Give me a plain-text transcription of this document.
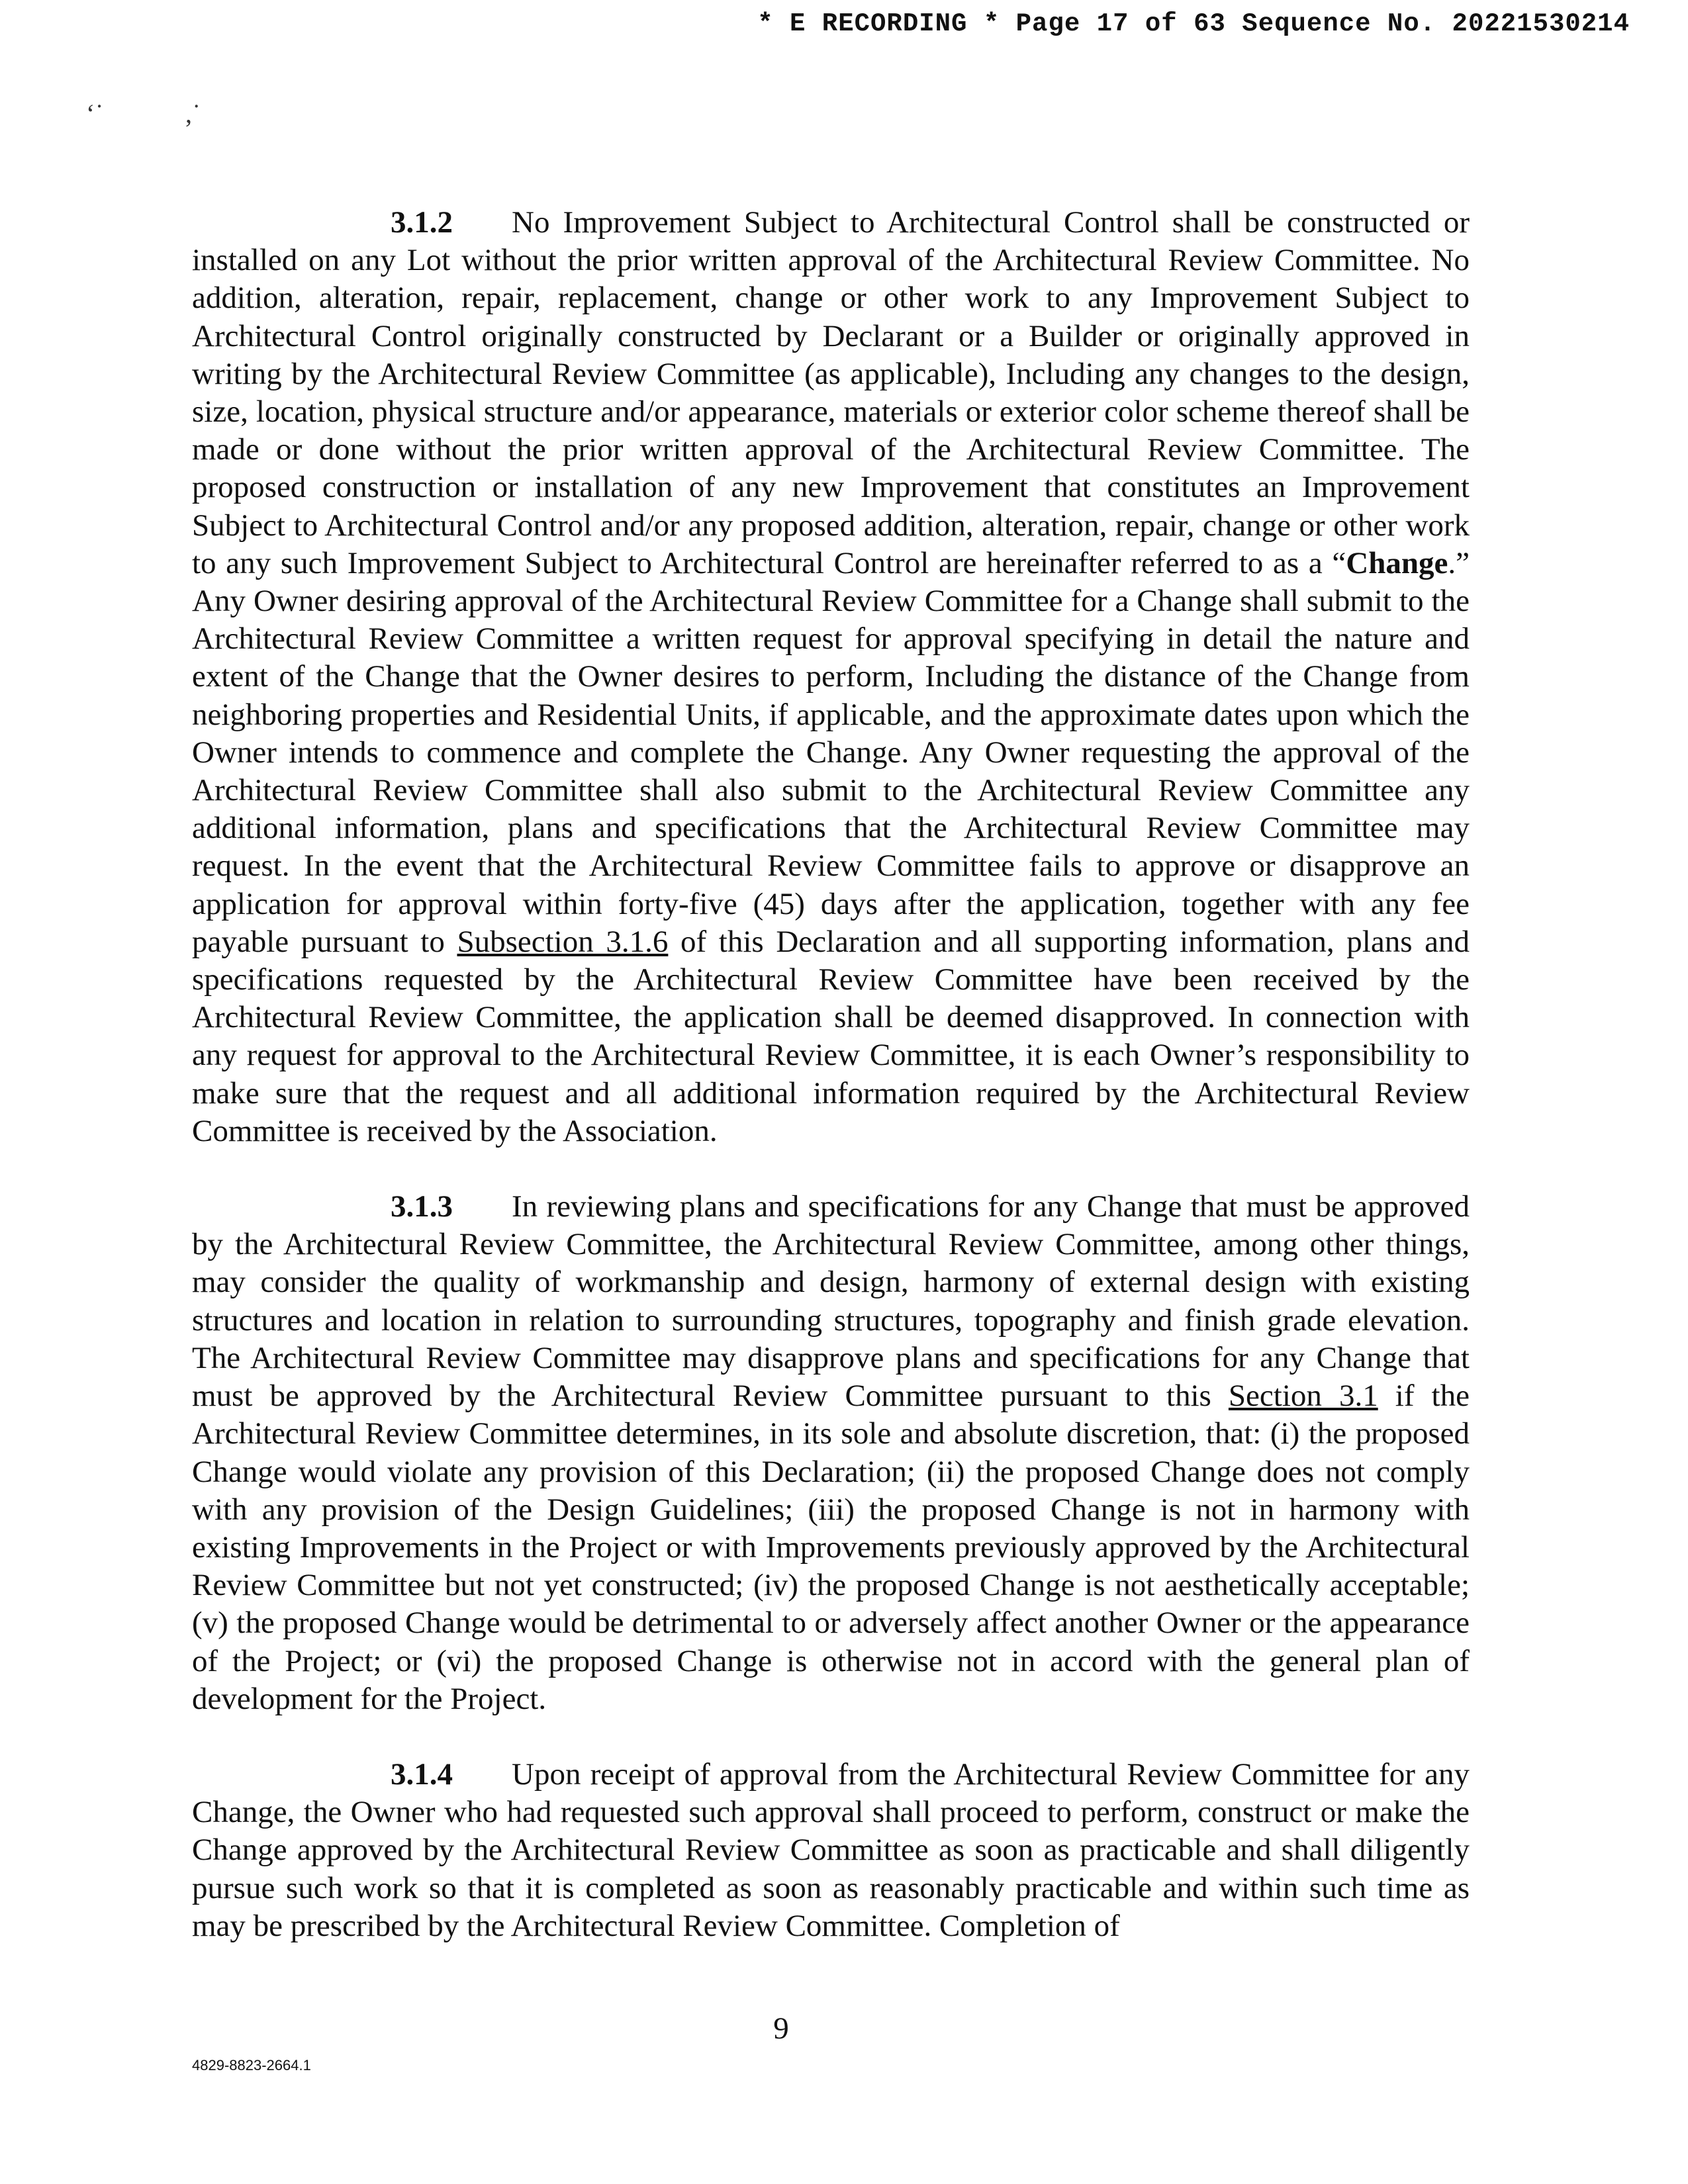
* E RECORDING * Page 17 of 63 Sequence No. 20221530214
ʻ˙	,˙

3.1.2 No Improvement Subject to Architectural Control shall be constructed or installed on any Lot without the prior written approval of the Architectural Review Committee. No addition, alteration, repair, replacement, change or other work to any Improvement Subject to Architectural Control originally constructed by Declarant or a Builder or originally approved in writing by the Architectural Review Committee (as applicable), Including any changes to the design, size, location, physical structure and/or appearance, materials or exterior color scheme thereof shall be made or done without the prior written approval of the Architectural Review Committee. The proposed construction or installation of any new Improvement that constitutes an Improvement Subject to Architectural Control and/or any proposed addition, alteration, repair, change or other work to any such Improvement Subject to Architectural Control are hereinafter referred to as a “Change.” Any Owner desiring approval of the Architectural Review Committee for a Change shall submit to the Architectural Review Committee a written request for approval specifying in detail the nature and extent of the Change that the Owner desires to perform, Including the distance of the Change from neighboring properties and Residential Units, if applicable, and the approximate dates upon which the Owner intends to commence and complete the Change. Any Owner requesting the approval of the Architectural Review Committee shall also submit to the Architectural Review Committee any additional information, plans and specifications that the Architectural Review Committee may request. In the event that the Architectural Review Committee fails to approve or disapprove an application for approval within forty-five (45) days after the application, together with any fee payable pursuant to Subsection 3.1.6 of this Declaration and all supporting information, plans and specifications requested by the Architectural Review Committee have been received by the Architectural Review Committee, the application shall be deemed disapproved. In connection with any request for approval to the Architectural Review Committee, it is each Owner’s responsibility to make sure that the request and all additional information required by the Architectural Review Committee is received by the Association.

3.1.3 In reviewing plans and specifications for any Change that must be approved by the Architectural Review Committee, the Architectural Review Committee, among other things, may consider the quality of workmanship and design, harmony of external design with existing structures and location in relation to surrounding structures, topography and finish grade elevation. The Architectural Review Committee may disapprove plans and specifications for any Change that must be approved by the Architectural Review Committee pursuant to this Section 3.1 if the Architectural Review Committee determines, in its sole and absolute discretion, that: (i) the proposed Change would violate any provision of this Declaration; (ii) the proposed Change does not comply with any provision of the Design Guidelines; (iii) the proposed Change is not in harmony with existing Improvements in the Project or with Improvements previously approved by the Architectural Review Committee but not yet constructed; (iv) the proposed Change is not aesthetically acceptable; (v) the proposed Change would be detrimental to or adversely affect another Owner or the appearance of the Project; or (vi) the proposed Change is otherwise not in accord with the general plan of development for the Project.

3.1.4 Upon receipt of approval from the Architectural Review Committee for any Change, the Owner who had requested such approval shall proceed to perform, construct or make the Change approved by the Architectural Review Committee as soon as practicable and shall diligently pursue such work so that it is completed as soon as reasonably practicable and within such time as may be prescribed by the Architectural Review Committee. Completion of

9
4829-8823-2664.1
